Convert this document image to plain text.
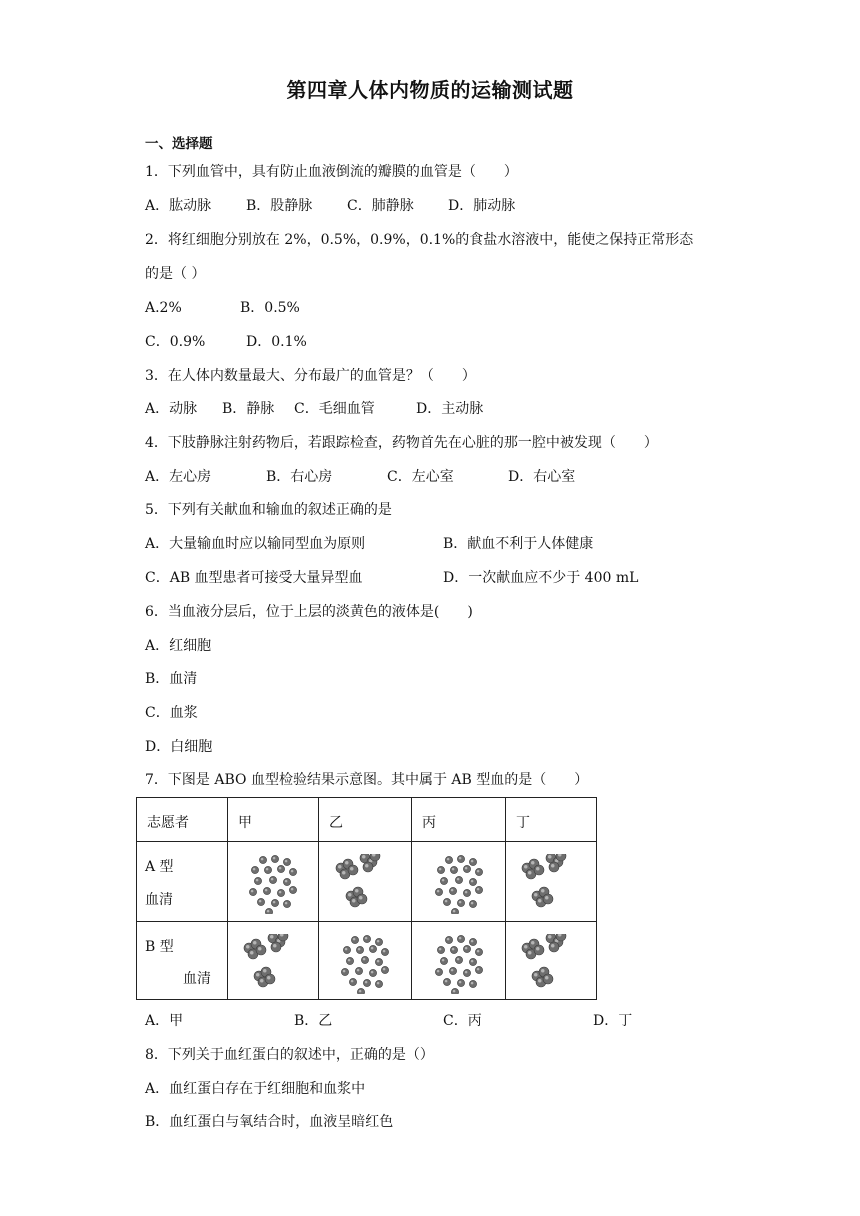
第四章人体内物质的运输测试题
一、选择题
1．下列血管中，具有防止血液倒流的瓣膜的血管是（　　）
A．肱动脉 B．股静脉 C．肺静脉 D．肺动脉
2．将红细胞分别放在 2%，0.5%，0.9%，0.1%的食盐水溶液中，能使之保持正常形态
的是（ ）
A.2%	B．0.5%
C．0.9%	D．0.1%
3．在人体内数量最大、分布最广的血管是？（　　）
A．动脉 B．静脉 C．毛细血管	D．主动脉
4．下肢静脉注射药物后，若跟踪检查，药物首先在心脏的那一腔中被发现（　　）
A．左心房	B．右心房	C．左心室	D．右心室
5．下列有关献血和输血的叙述正确的是
A．大量输血时应以输同型血为原则	B．献血不利于人体健康
C．AB 血型患者可接受大量异型血	D．一次献血应不少于 400 mL
6．当血液分层后，位于上层的淡黄色的液体是(　　)
A．红细胞
B．血清
C．血浆
D．白细胞
7．下图是 ABO 血型检验结果示意图。其中属于 AB 型血的是（　　）
志愿者	甲	乙	丙	丁

A 型
血清

B 型
血清

A．甲	B．乙	C．丙	D．丁
8．下列关于血红蛋白的叙述中，正确的是（）
A．血红蛋白存在于红细胞和血浆中
B．血红蛋白与氧结合时，血液呈暗红色
